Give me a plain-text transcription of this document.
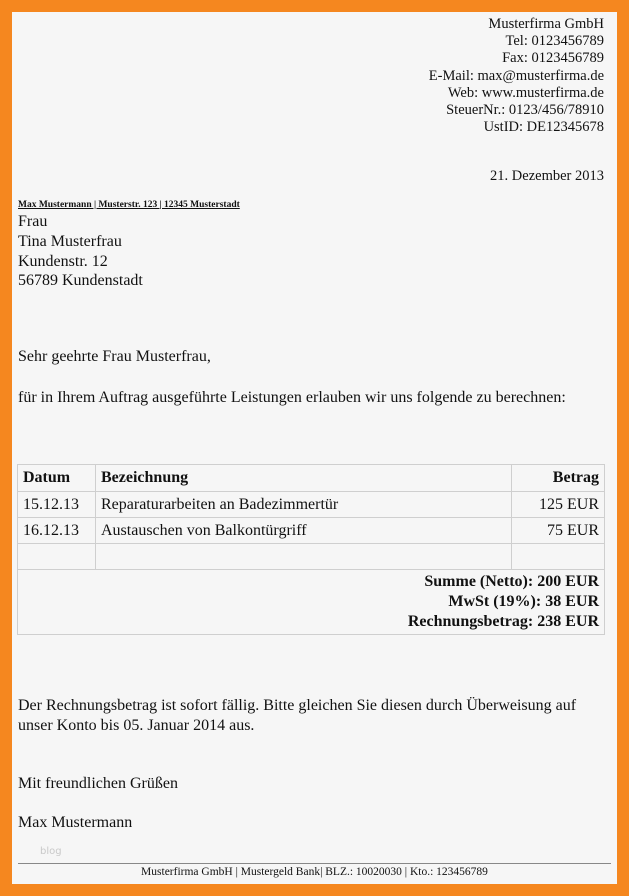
Musterfirma GmbH
Tel: 0123456789
Fax: 0123456789
E-Mail: max@musterfirma.de
Web: www.musterfirma.de
SteuerNr.: 0123/456/78910
UstID: DE12345678
21. Dezember 2013
Max Mustermann | Musterstr. 123 | 12345 Musterstadt
Frau
Tina Musterfrau
Kundenstr. 12
56789 Kundenstadt
Sehr geehrte Frau Musterfrau,
für in Ihrem Auftrag ausgeführte Leistungen erlauben wir uns folgende zu berechnen:
Datum	Bezeichnung	Betrag
15.12.13	Reparaturarbeiten an Badezimmertür	125 EUR
16.12.13	Austauschen von Balkontürgriff	75 EUR

Summe (Netto): 200 EUR
MwSt (19%): 38 EUR
Rechnungsbetrag: 238 EUR		
Der Rechnungsbetrag ist sofort fällig. Bitte gleichen Sie diesen durch Überweisung auf unser Konto bis 05. Januar 2014 aus.
Mit freundlichen Grüßen
Max Mustermann
blog
Musterfirma GmbH | Mustergeld Bank| BLZ.: 10020030 | Kto.: 123456789
